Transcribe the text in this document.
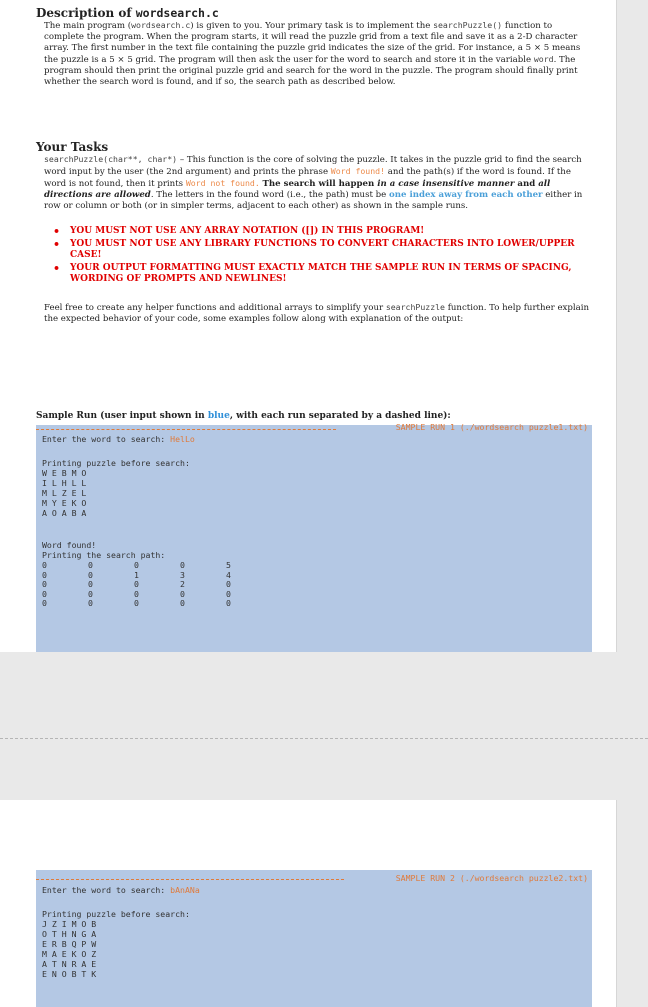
Description of wordsearch.c

The main program (wordsearch.c) is given to you. Your primary task is to implement the searchPuzzle() function to complete the program. When the program starts, it will read the puzzle grid from a text file and save it as a 2-D character array. The first number in the text file containing the puzzle grid indicates the size of the grid. For instance, a 5 × 5 means the puzzle is a 5 × 5 grid. The program will then ask the user for the word to search and store it in the variable word. The program should then print the original puzzle grid and search for the word in the puzzle. The program should finally print whether the search word is found, and if so, the search path as described below.

Your Tasks

searchPuzzle(char**, char*) – This function is the core of solving the puzzle. It takes in the puzzle grid to find the search word input by the user (the 2nd argument) and prints the phrase Word found! and the path(s) if the word is found. If the word is not found, then it prints Word not found. The search will happen in a case insensitive manner and all directions are allowed. The letters in the found word (i.e., the path) must be one index away from each other either in row or column or both (or in simpler terms, adjacent to each other) as shown in the sample runs.

• YOU MUST NOT USE ANY ARRAY NOTATION ([]) IN THIS PROGRAM!
• YOU MUST NOT USE ANY LIBRARY FUNCTIONS TO CONVERT CHARACTERS INTO LOWER/UPPER CASE!
• YOUR OUTPUT FORMATTING MUST EXACTLY MATCH THE SAMPLE RUN IN TERMS OF SPACING, WORDING OF PROMPTS AND NEWLINES!

Feel free to create any helper functions and additional arrays to simplify your searchPuzzle function. To help further explain the expected behavior of your code, some examples follow along with explanation of the output:

Sample Run (user input shown in blue, with each run separated by a dashed line):

SAMPLE RUN 1 (./wordsearch puzzle1.txt)

Enter the word to search: HelLo

Printing puzzle before search:

W E B M O

I L H L L

M L Z E L

M Y E K O

A O A B A

Word found!

Printing the search path:

0	0	0	0	5
0	0	1	3	4
0	0	0	2	0
0	0	0	0	0
0	0	0	0	0

SAMPLE RUN 2 (./wordsearch puzzle2.txt)

Enter the word to search: bAnANa

Printing puzzle before search:

J Z I M O B

O T H N G A

E R B Q P W

M A E K O Z

A T N R A E

E N O B T K
